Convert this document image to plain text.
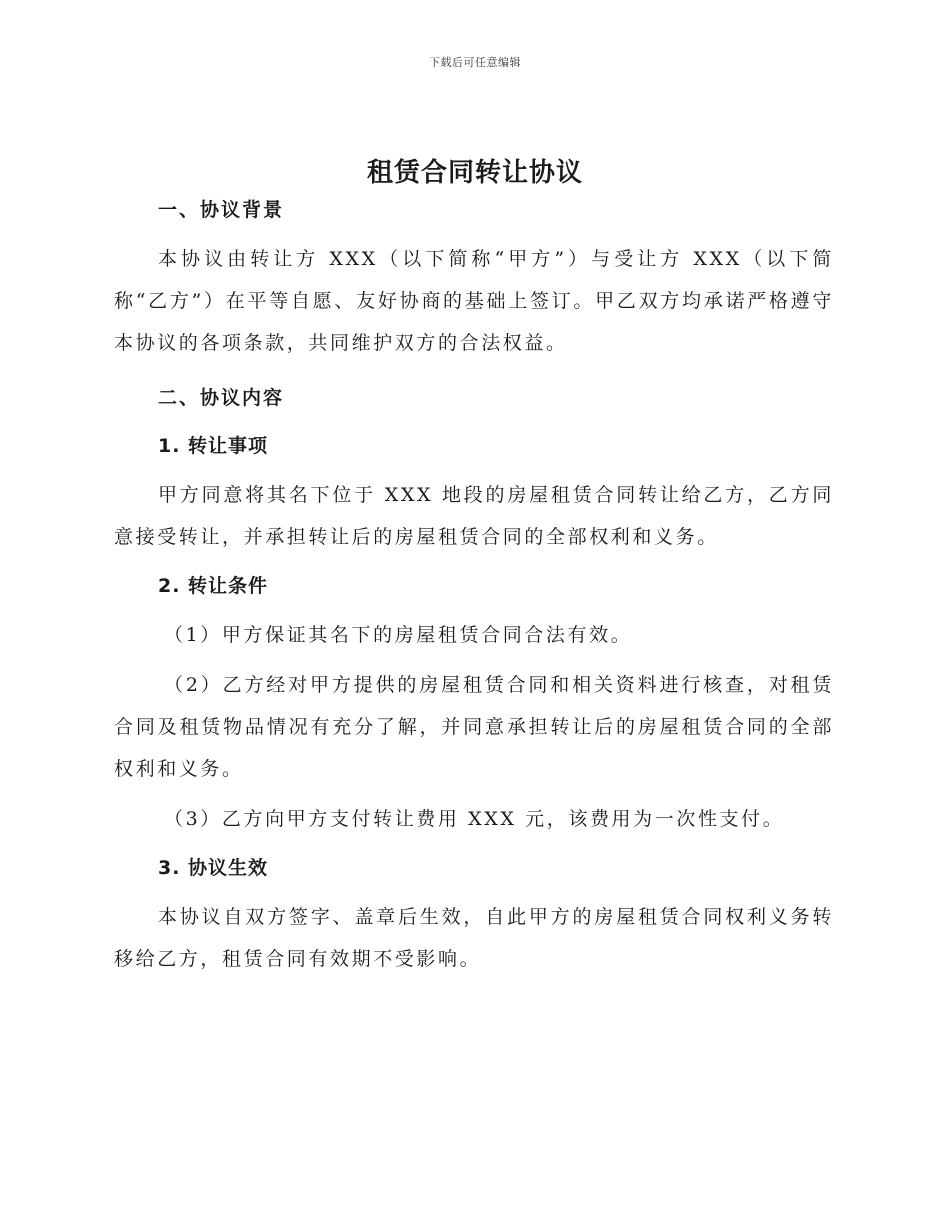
下载后可任意编辑
租赁合同转让协议
一、协议背景

本协议由转让方 XXX（以下简称“甲方”）与受让方 XXX（以下简称“乙方”）在平等自愿、友好协商的基础上签订。甲乙双方均承诺严格遵守本协议的各项条款，共同维护双方的合法权益。

二、协议内容
1. 转让事项

甲方同意将其名下位于 XXX 地段的房屋租赁合同转让给乙方，乙方同意接受转让，并承担转让后的房屋租赁合同的全部权利和义务。

2. 转让条件

（1）甲方保证其名下的房屋租赁合同合法有效。

（2）乙方经对甲方提供的房屋租赁合同和相关资料进行核查，对租赁合同及租赁物品情况有充分了解，并同意承担转让后的房屋租赁合同的全部权利和义务。

（3）乙方向甲方支付转让费用 XXX 元，该费用为一次性支付。

3. 协议生效

本协议自双方签字、盖章后生效，自此甲方的房屋租赁合同权利义务转移给乙方，租赁合同有效期不受影响。
